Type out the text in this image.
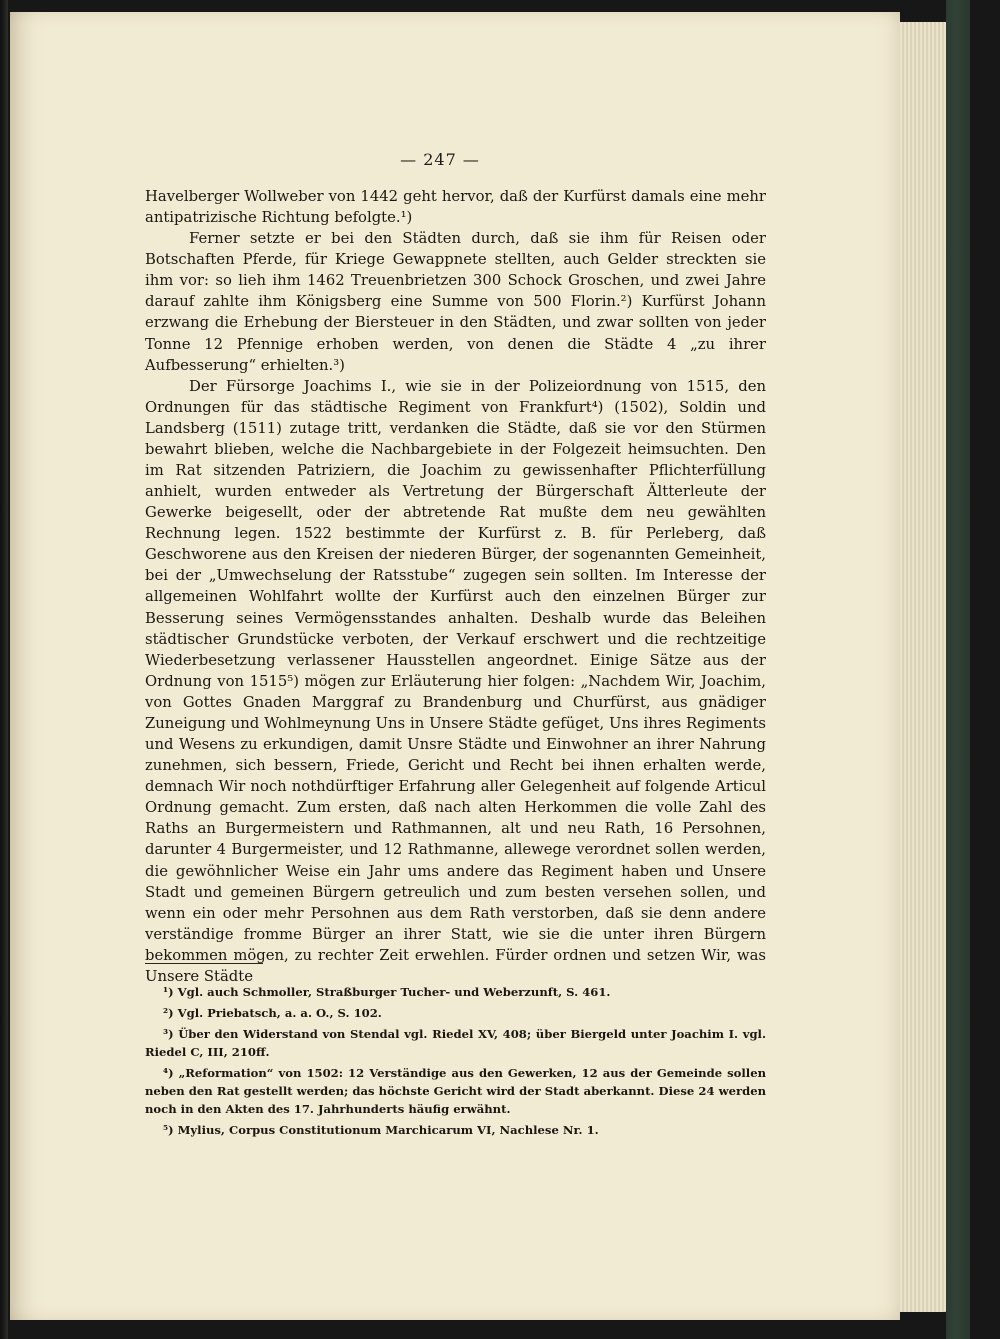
— 247 —

Havelberger Wollweber von 1442 geht hervor, daß der Kurfürst damals eine mehr antipatrizische Richtung befolgte.¹)

Ferner setzte er bei den Städten durch, daß sie ihm für Reisen oder Botschaften Pferde, für Kriege Gewappnete stellten, auch Gelder streckten sie ihm vor: so lieh ihm 1462 Treuenbrietzen 300 Schock Groschen, und zwei Jahre darauf zahlte ihm Königsberg eine Summe von 500 Florin.²) Kurfürst Johann erzwang die Erhebung der Biersteuer in den Städten, und zwar sollten von jeder Tonne 12 Pfennige erhoben werden, von denen die Städte 4 „zu ihrer Aufbesserung“ erhielten.³)

Der Fürsorge Joachims I., wie sie in der Polizeiordnung von 1515, den Ordnungen für das städtische Regiment von Frankfurt⁴) (1502), Soldin und Landsberg (1511) zutage tritt, verdanken die Städte, daß sie vor den Stürmen bewahrt blieben, welche die Nachbargebiete in der Folgezeit heimsuchten. Den im Rat sitzenden Patriziern, die Joachim zu gewissenhafter Pflichterfüllung anhielt, wurden entweder als Vertretung der Bürgerschaft Ältterleute der Gewerke beigesellt, oder der abtretende Rat mußte dem neu gewählten Rechnung legen. 1522 bestimmte der Kurfürst z. B. für Perleberg, daß Geschworene aus den Kreisen der niederen Bürger, der sogenannten Gemeinheit, bei der „Umwechselung der Ratsstube“ zugegen sein sollten. Im Interesse der allgemeinen Wohlfahrt wollte der Kurfürst auch den einzelnen Bürger zur Besserung seines Vermögensstandes anhalten. Deshalb wurde das Beleihen städtischer Grundstücke verboten, der Verkauf erschwert und die rechtzeitige Wiederbesetzung verlassener Hausstellen angeordnet. Einige Sätze aus der Ordnung von 1515⁵) mögen zur Erläuterung hier folgen: „Nachdem Wir, Joachim, von Gottes Gnaden Marggraf zu Brandenburg und Churfürst, aus gnädiger Zuneigung und Wohlmeynung Uns in Unsere Städte gefüget, Uns ihres Regiments und Wesens zu erkundigen, damit Unsre Städte und Einwohner an ihrer Nahrung zunehmen, sich bessern, Friede, Gericht und Recht bei ihnen erhalten werde, demnach Wir noch nothdürftiger Erfahrung aller Gelegenheit auf folgende Articul Ordnung gemacht. Zum ersten, daß nach alten Herkommen die volle Zahl des Raths an Burgermeistern und Rathmannen, alt und neu Rath, 16 Persohnen, darunter 4 Burgermeister, und 12 Rathmanne, allewege verordnet sollen werden, die gewöhnlicher Weise ein Jahr ums andere das Regiment haben und Unsere Stadt und gemeinen Bürgern getreulich und zum besten versehen sollen, und wenn ein oder mehr Persohnen aus dem Rath verstorben, daß sie denn andere verständige fromme Bürger an ihrer Statt, wie sie die unter ihren Bürgern bekommen mögen, zu rechter Zeit erwehlen. Fürder ordnen und setzen Wir, was Unsere Städte

¹) Vgl. auch Schmoller, Straßburger Tucher- und Weberzunft, S. 461.

²) Vgl. Priebatsch, a. a. O., S. 102.

³) Über den Widerstand von Stendal vgl. Riedel XV, 408; über Biergeld unter Joachim I. vgl. Riedel C, III, 210ff.

⁴) „Reformation“ von 1502: 12 Verständige aus den Gewerken, 12 aus der Gemeinde sollen neben den Rat gestellt werden; das höchste Gericht wird der Stadt aberkannt. Diese 24 werden noch in den Akten des 17. Jahrhunderts häufig erwähnt.

⁵) Mylius, Corpus Constitutionum Marchicarum VI, Nachlese Nr. 1.
